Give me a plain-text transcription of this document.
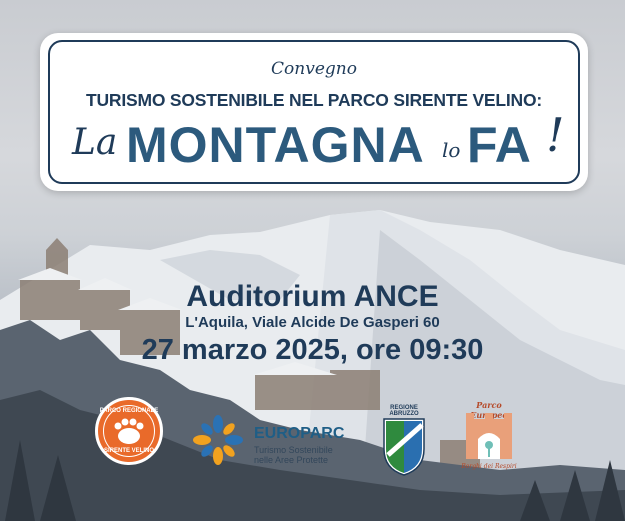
Convegno
TURISMO SOSTENIBILE NEL PARCO SIRENTE VELINO:
La MONTAGNA lo FA !
Auditorium ANCE
L'Aquila, Viale Alcide De Gasperi 60
27 marzo 2025, ore 09:30
PARCO REGIONALE
SIRENTE VELINO
EUROPARC
Turismo Sostenibile
nelle Aree Protette
REGIONE ABRUZZO
Parco
Borghi dei Respiri
